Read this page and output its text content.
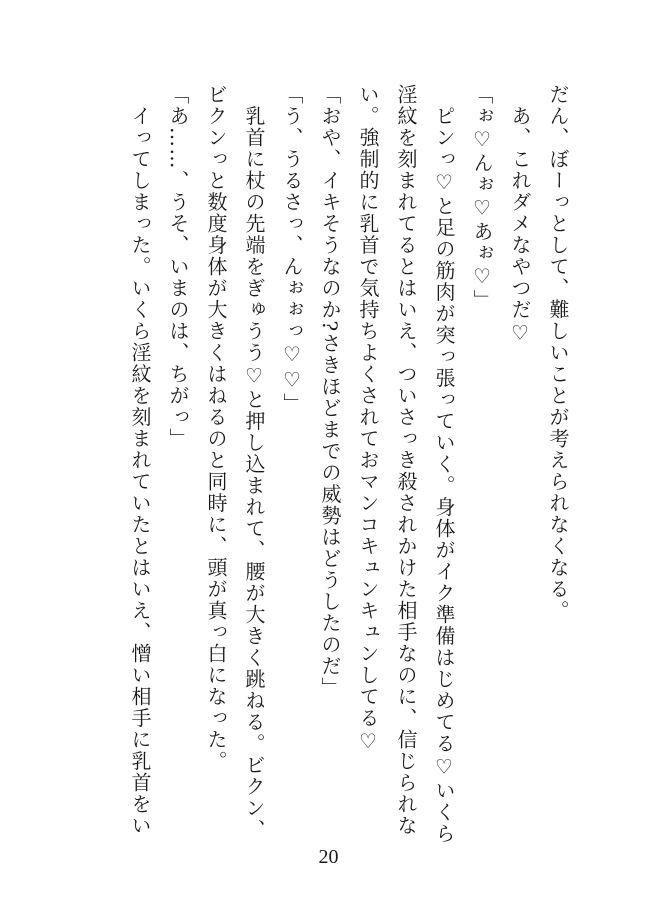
だん、ぼーっとして、難しいことが考えられなくなる。
　あ、これダメなやつだ♡
「ぉ♡んぉ♡あぉ♡」
　ピンっ♡と足の筋肉が突っ張っていく。身体がイク準備はじめてる♡いくら
淫紋を刻まれてるとはいえ、ついさっき殺されかけた相手なのに、信じられな
い。強制的に乳首で気持ちよくされておマンコキュンキュンしてる♡
「おや、イキそうなのか?さきほどまでの威勢はどうしたのだ」
「う、うるさっ、んぉぉっ♡♡」
　乳首に杖の先端をぎゅうう♡と押し込まれて、腰が大きく跳ねる。ビクン、
ビクンっと数度身体が大きくはねるのと同時に、頭が真っ白になった。
「あ……、うそ、いまのは、ちがっ」
　イってしまった。いくら淫紋を刻まれていたとはいえ、憎い相手に乳首をい
20
